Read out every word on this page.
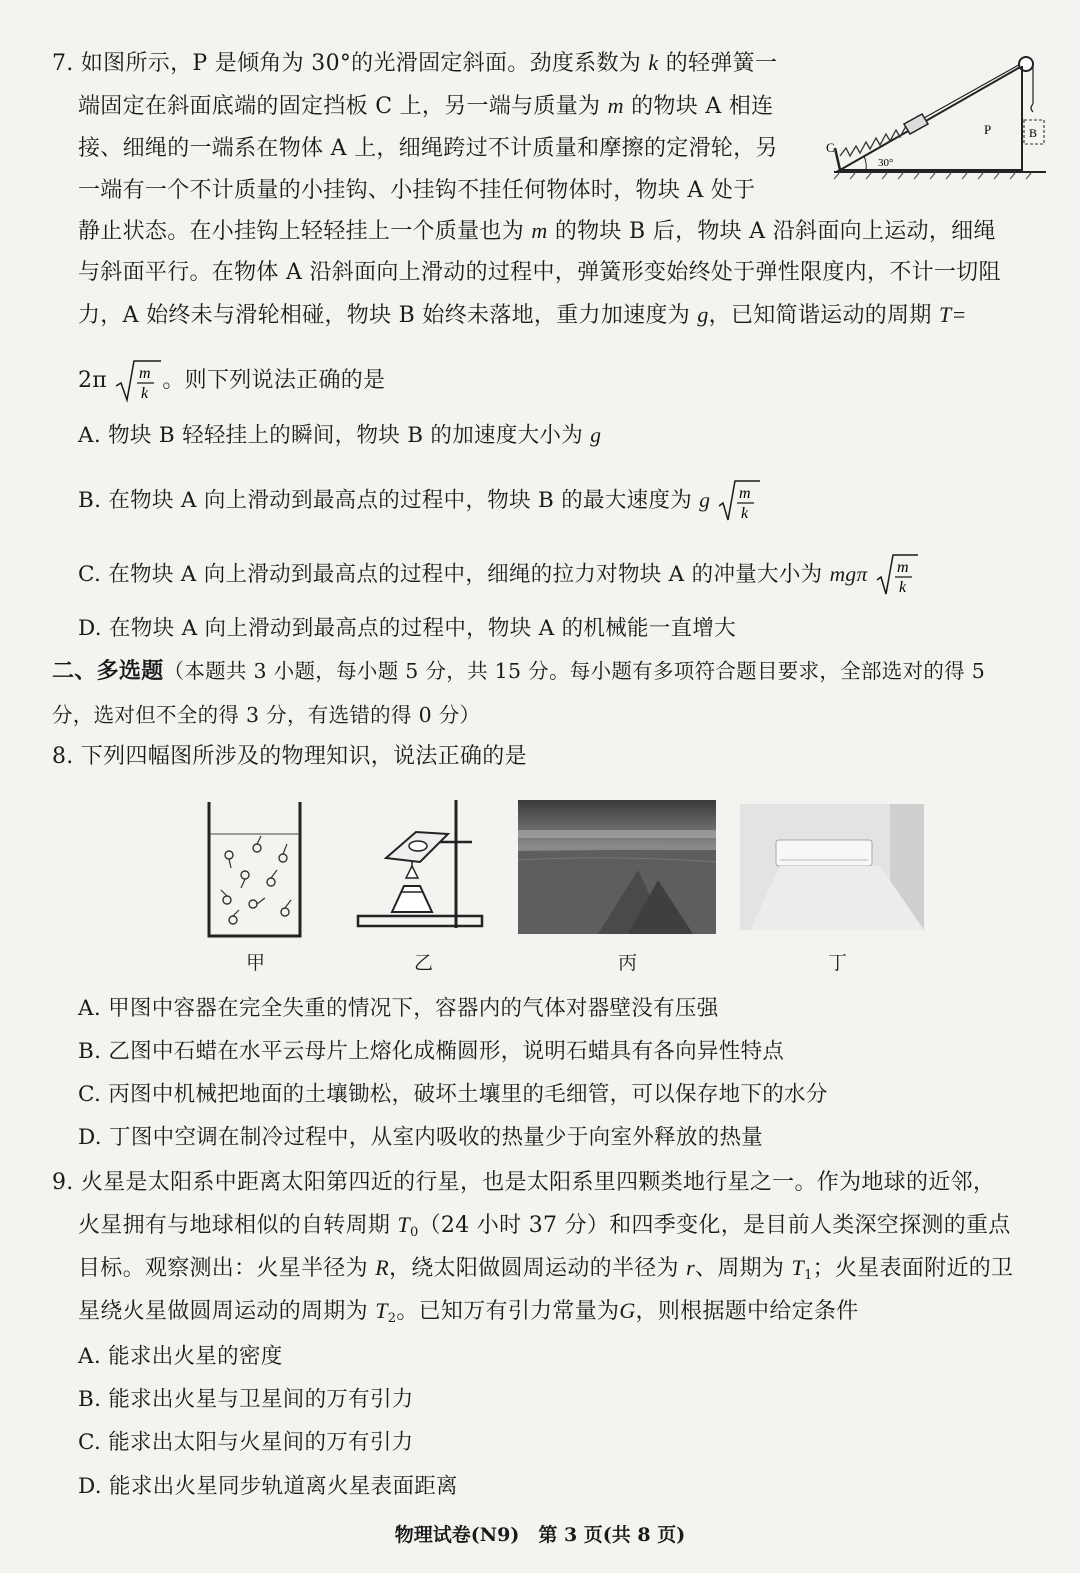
7. 如图所示，P 是倾角为 30°的光滑固定斜面。劲度系数为 k 的轻弹簧一
端固定在斜面底端的固定挡板 C 上，另一端与质量为 m 的物块 A 相连
接、细绳的一端系在物体 A 上，细绳跨过不计质量和摩擦的定滑轮，另
一端有一个不计质量的小挂钩、小挂钩不挂任何物体时，物块 A 处于
静止状态。在小挂钩上轻轻挂上一个质量也为 m 的物块 B 后，物块 A 沿斜面向上运动，细绳
与斜面平行。在物体 A 沿斜面向上滑动的过程中，弹簧形变始终处于弹性限度内，不计一切阻
力，A 始终未与滑轮相碰，物块 B 始终未落地，重力加速度为 g，已知简谐运动的周期 T=
2π m
k
。则下列说法正确的是
C
P	B
30°
A. 物块 B 轻轻挂上的瞬间，物块 B 的加速度大小为 g
B. 在物块 A 向上滑动到最高点的过程中，物块 B 的最大速度为 g m
k
C. 在物块 A 向上滑动到最高点的过程中，细绳的拉力对物块 A 的冲量大小为 mgπ m
k
D. 在物块 A 向上滑动到最高点的过程中，物块 A 的机械能一直增大
二、多选题（本题共 3 小题，每小题 5 分，共 15 分。每小题有多项符合题目要求，全部选对的得 5
分，选对但不全的得 3 分，有选错的得 0 分）
8. 下列四幅图所涉及的物理知识，说法正确的是
甲	乙	丙	丁
A. 甲图中容器在完全失重的情况下，容器内的气体对器壁没有压强
B. 乙图中石蜡在水平云母片上熔化成椭圆形，说明石蜡具有各向异性特点
C. 丙图中机械把地面的土壤锄松，破坏土壤里的毛细管，可以保存地下的水分
D. 丁图中空调在制冷过程中，从室内吸收的热量少于向室外释放的热量
9. 火星是太阳系中距离太阳第四近的行星，也是太阳系里四颗类地行星之一。作为地球的近邻，
火星拥有与地球相似的自转周期 $T_0(24$ 小时 37 分）和四季变化，是目前人类深空探测的重点
目标。观察测出：火星半径为 R，绕太阳做圆周运动的半径为 r、周期为 $T_1$；火星表面附近的卫
星绕火星做圆周运动的周期为 $T_2$。已知万有引力常量为G，则根据题中给定条件
A. 能求出火星的密度
B. 能求出火星与卫星间的万有引力
C. 能求出太阳与火星间的万有引力
D. 能求出火星同步轨道离火星表面距离
物理试卷(N9)　第 3 页(共 8 页)
